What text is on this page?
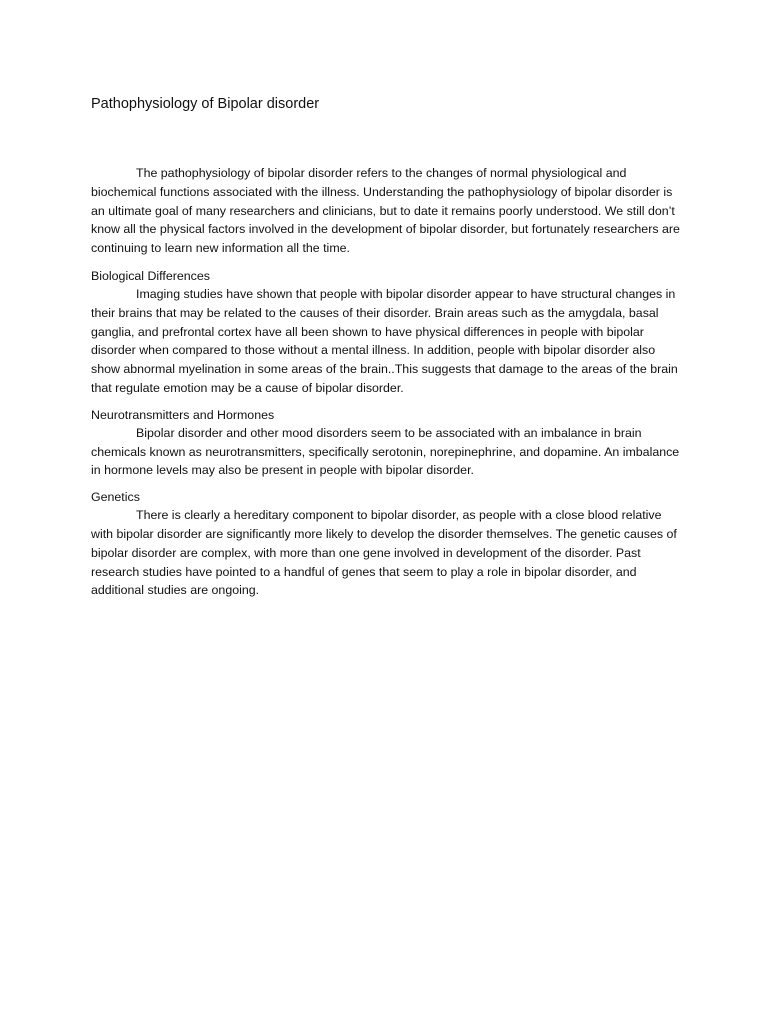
Pathophysiology of Bipolar disorder

The pathophysiology of bipolar disorder refers to the changes of normal physiological and biochemical functions associated with the illness. Understanding the pathophysiology of bipolar disorder is an ultimate goal of many researchers and clinicians, but to date it remains poorly understood. We still don’t know all the physical factors involved in the development of bipolar disorder, but fortunately researchers are continuing to learn new information all the time.

Biological Differences

Imaging studies have shown that people with bipolar disorder appear to have structural changes in their brains that may be related to the causes of their disorder. Brain areas such as the amygdala, basal ganglia, and prefrontal cortex have all been shown to have physical differences in people with bipolar disorder when compared to those without a mental illness. In addition, people with bipolar disorder also show abnormal myelination in some areas of the brain..This suggests that damage to the areas of the brain that regulate emotion may be a cause of bipolar disorder.

Neurotransmitters and Hormones

Bipolar disorder and other mood disorders seem to be associated with an imbalance in brain chemicals known as neurotransmitters, specifically serotonin, norepinephrine, and dopamine. An imbalance in hormone levels may also be present in people with bipolar disorder.

Genetics

There is clearly a hereditary component to bipolar disorder, as people with a close blood relative with bipolar disorder are significantly more likely to develop the disorder themselves. The genetic causes of bipolar disorder are complex, with more than one gene involved in development of the disorder. Past research studies have pointed to a handful of genes that seem to play a role in bipolar disorder, and additional studies are ongoing.
